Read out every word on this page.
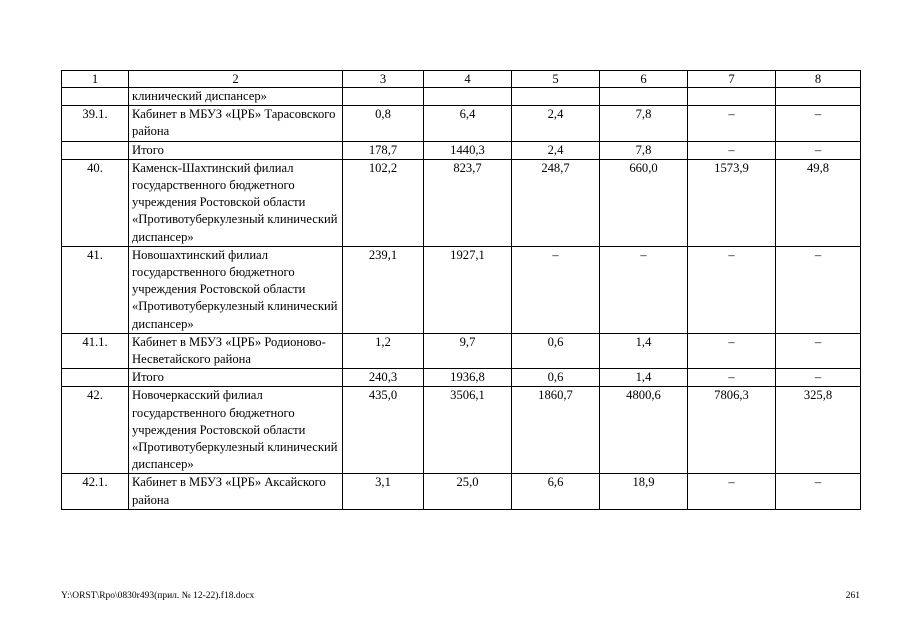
1	2	3	4	5	6	7	8
	клинический диспансер»						
39.1.	Кабинет в МБУЗ «ЦРБ» Тарасовского района	0,8	6,4	2,4	7,8	–	–
	Итого	178,7	1440,3	2,4	7,8	–	–
40.	Каменск-Шахтинский филиал государственного бюджетного учреждения Ростовской области «Противотуберкулезный клинический диспансер»	102,2	823,7	248,7	660,0	1573,9	49,8
41.	Новошахтинский филиал государственного бюджетного учреждения Ростовской области «Противотуберкулезный клинический диспансер»	239,1	1927,1	–	–	–	–
41.1.	Кабинет в МБУЗ «ЦРБ» Родионово-Несветайского района	1,2	9,7	0,6	1,4	–	–
	Итого	240,3	1936,8	0,6	1,4	–	–
42.	Новочеркасский филиал государственного бюджетного учреждения Ростовской области «Противотуберкулезный клинический диспансер»	435,0	3506,1	1860,7	4800,6	7806,3	325,8
42.1.	Кабинет в МБУЗ «ЦРБ» Аксайского района	3,1	25,0	6,6	18,9	–	–
Y:\ORST\Rpo\0830r493(прил. № 12-22).f18.docx	261
